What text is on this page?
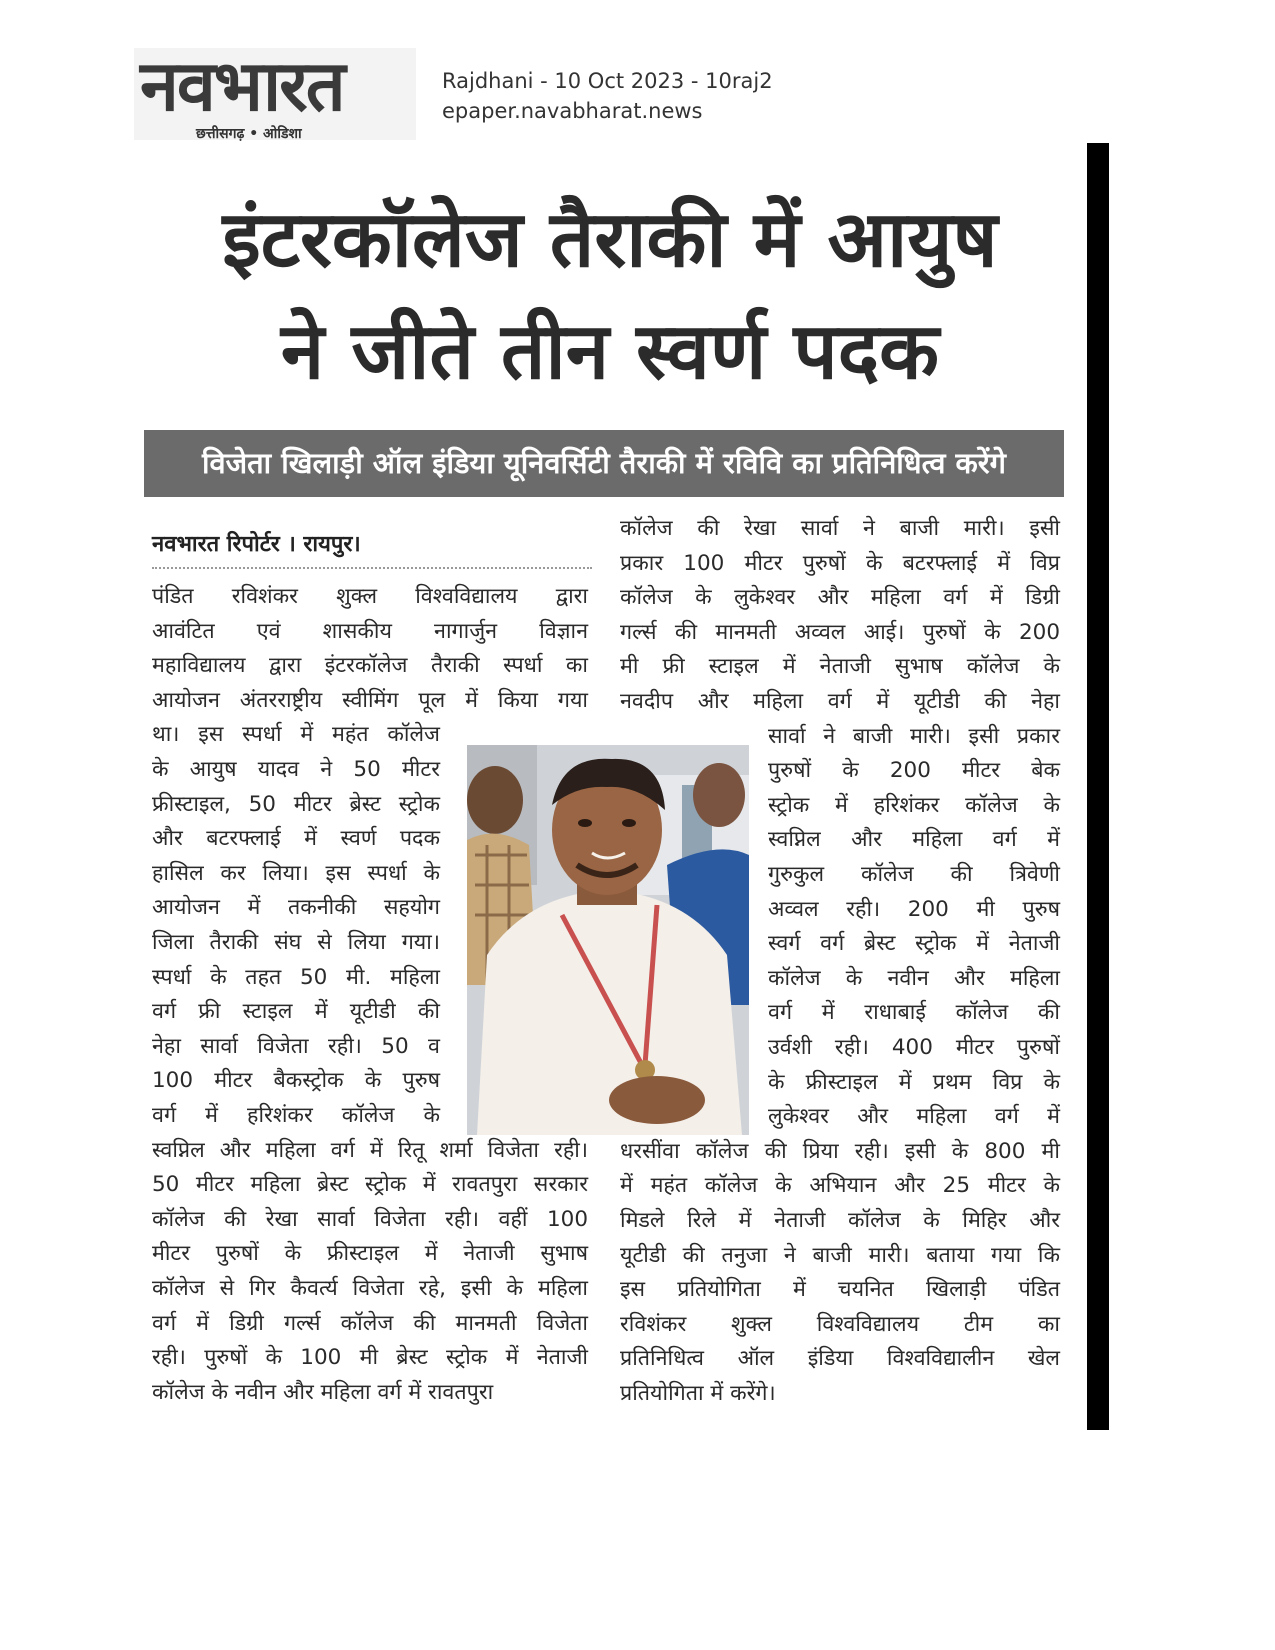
नवभारत
छत्तीसगढ़ • ओडिशा
Rajdhani - 10 Oct 2023 - 10raj2
epaper.navabharat.news
इंटरकॉलेज तैराकी में आयुष
ने जीते तीन स्वर्ण पदक
विजेता खिलाड़ी ऑल इंडिया यूनिवर्सिटी तैराकी में रविवि का प्रतिनिधित्व करेंगे
नवभारत रिपोर्टर । रायपुर।
पंडित रविशंकर शुक्ल विश्वविद्यालय द्वारा
आवंटित एवं शासकीय नागार्जुन विज्ञान
महाविद्यालय द्वारा इंटरकॉलेज तैराकी स्पर्धा का
आयोजन अंतरराष्ट्रीय स्वीमिंग पूल में किया गया
था। इस स्पर्धा में महंत कॉलेज
के आयुष यादव ने 50 मीटर
फ्रीस्टाइल, 50 मीटर ब्रेस्ट स्ट्रोक
और बटरफ्लाई में स्वर्ण पदक
हासिल कर लिया। इस स्पर्धा के
आयोजन में तकनीकी सहयोग
जिला तैराकी संघ से लिया गया।
स्पर्धा के तहत 50 मी. महिला
वर्ग फ्री स्टाइल में यूटीडी की
नेहा सार्वा विजेता रही। 50 व
100 मीटर बैकस्ट्रोक के पुरुष
वर्ग में हरिशंकर कॉलेज के
स्वप्निल और महिला वर्ग में रितू शर्मा विजेता रही।
50 मीटर महिला ब्रेस्ट स्ट्रोक में रावतपुरा सरकार
कॉलेज की रेखा सार्वा विजेता रही। वहीं 100
मीटर पुरुषों के फ्रीस्टाइल में नेताजी सुभाष
कॉलेज से गिर कैवर्त्य विजेता रहे, इसी के महिला
वर्ग में डिग्री गर्ल्स कॉलेज की मानमती विजेता
रही। पुरुषों के 100 मी ब्रेस्ट स्ट्रोक में नेताजी
कॉलेज के नवीन और महिला वर्ग में रावतपुरा
कॉलेज की रेखा सार्वा ने बाजी मारी। इसी
प्रकार 100 मीटर पुरुषों के बटरफ्लाई में विप्र
कॉलेज के लुकेश्वर और महिला वर्ग में डिग्री
गर्ल्स की मानमती अव्वल आई। पुरुषों के 200
मी फ्री स्टाइल में नेताजी सुभाष कॉलेज के
नवदीप और महिला वर्ग में यूटीडी की नेहा
सार्वा ने बाजी मारी। इसी प्रकार
पुरुषों के 200 मीटर बेक
स्ट्रोक में हरिशंकर कॉलेज के
स्वप्निल और महिला वर्ग में
गुरुकुल कॉलेज की त्रिवेणी
अव्वल रही। 200 मी पुरुष
स्वर्ग वर्ग ब्रेस्ट स्ट्रोक में नेताजी
कॉलेज के नवीन और महिला
वर्ग में राधाबाई कॉलेज की
उर्वशी रही। 400 मीटर पुरुषों
के फ्रीस्टाइल में प्रथम विप्र के
लुकेश्वर और महिला वर्ग में
धरसींवा कॉलेज की प्रिया रही। इसी के 800 मी
में महंत कॉलेज के अभियान और 25 मीटर के
मिडले रिले में नेताजी कॉलेज के मिहिर और
यूटीडी की तनुजा ने बाजी मारी। बताया गया कि
इस प्रतियोगिता में चयनित खिलाड़ी पंडित
रविशंकर शुक्ल विश्वविद्यालय टीम का
प्रतिनिधित्व ऑल इंडिया विश्वविद्यालीन खेल
प्रतियोगिता में करेंगे।
